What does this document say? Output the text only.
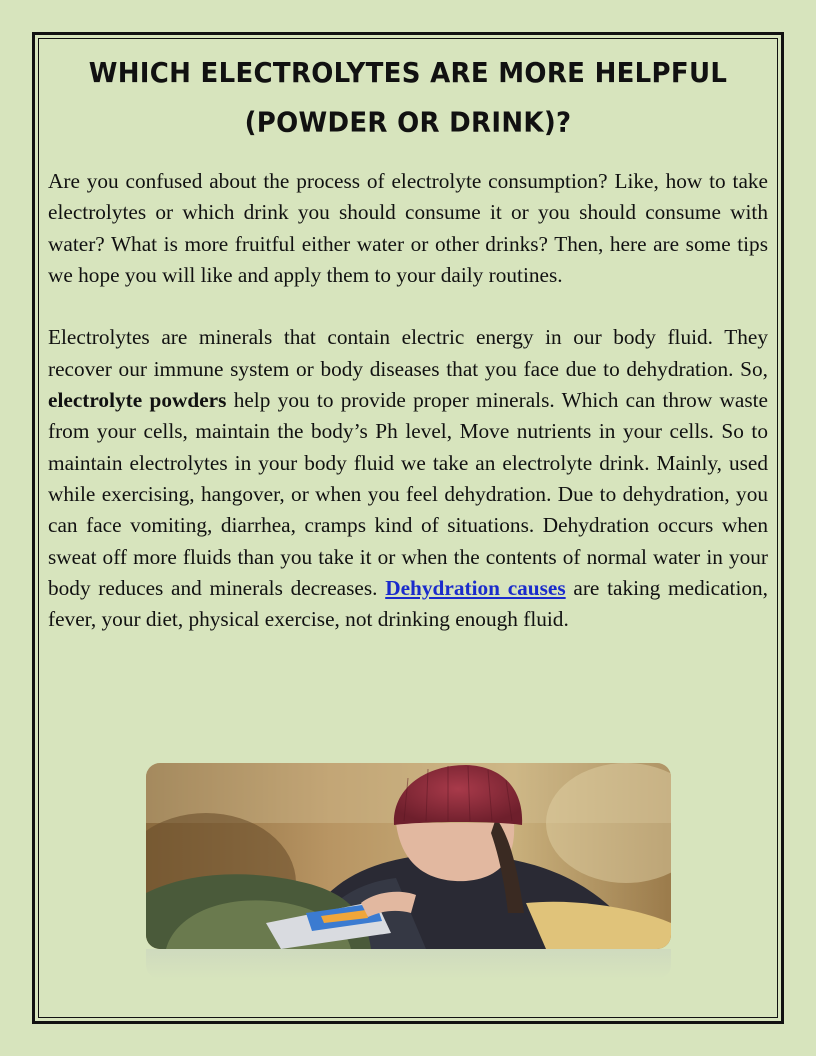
WHICH ELECTROLYTES ARE MORE HELPFUL
(POWDER OR DRINK)?

Are you confused about the process of electrolyte consumption? Like, how to take electrolytes or which drink you should consume it or you should consume with water? What is more fruitful either water or other drinks? Then, here are some tips we hope you will like and apply them to your daily routines.

Electrolytes are minerals that contain electric energy in our body fluid. They recover our immune system or body diseases that you face due to dehydration. So, electrolyte powders help you to provide proper minerals. Which can throw waste from your cells, maintain the body’s Ph level, Move nutrients in your cells. So to maintain electrolytes in your body fluid we take an electrolyte drink. Mainly, used while exercising, hangover, or when you feel dehydration. Due to dehydration, you can face vomiting, diarrhea, cramps kind of situations. Dehydration occurs when sweat off more fluids than you take it or when the contents of normal water in your body reduces and minerals decreases. Dehydration causes are taking medication, fever, your diet, physical exercise, not drinking enough fluid.
